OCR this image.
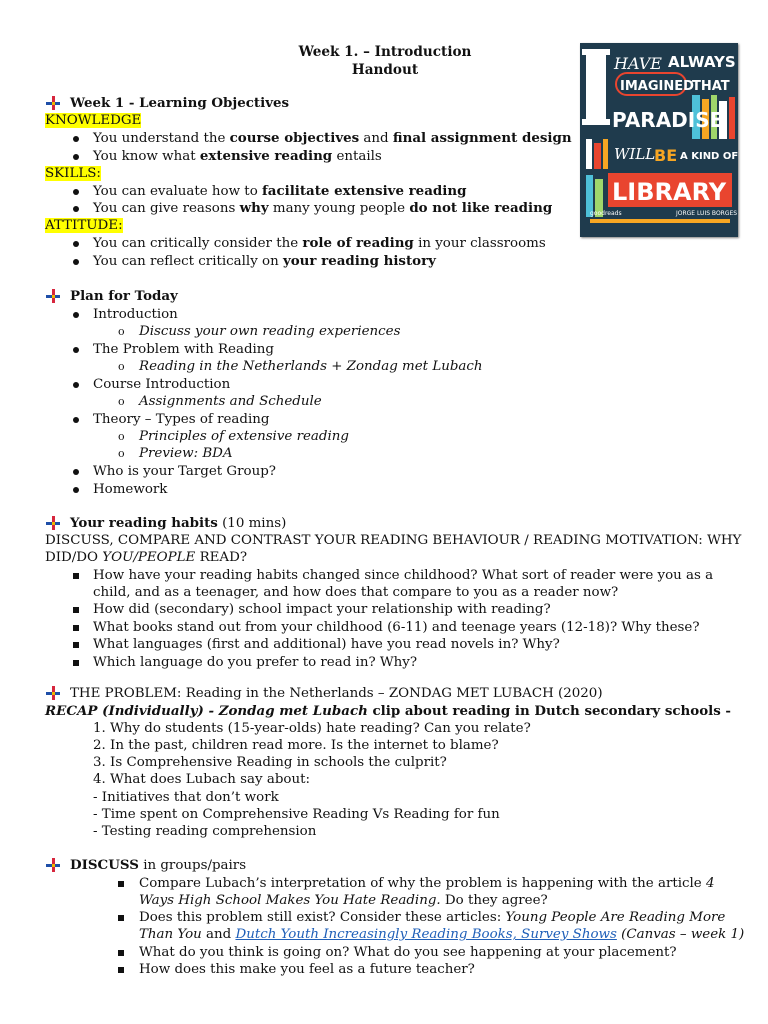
Week 1. – Introduction
Handout	HAVE ALWAYS
IMAGINED
THAT
PARADISE
WILL
BE A KIND OF
LIBRARY
goodreads	JORGE LUIS BORGES
Week 1 - Learning Objectives
KNOWLEDGE
You understand the course objectives and final assignment design
You know what extensive reading entails
SKILLS:
You can evaluate how to facilitate extensive reading
You can give reasons why many young people do not like reading
ATTITUDE:
You can critically consider the role of reading in your classrooms
You can reflect critically on your reading history
Plan for Today
Introduction
o Discuss your own reading experiences
The Problem with Reading
o Reading in the Netherlands + Zondag met Lubach
Course Introduction
o Assignments and Schedule
Theory – Types of reading
o Principles of extensive reading
o Preview: BDA
Who is your Target Group?
Homework
Your reading habits (10 mins)
DISCUSS, COMPARE AND CONTRAST YOUR READING BEHAVIOUR / READING MOTIVATION: WHY
DID/DO YOU/PEOPLE READ?
How have your reading habits changed since childhood? What sort of reader were you as a
child, and as a teenager, and how does that compare to you as a reader now?
How did (secondary) school impact your relationship with reading?
What books stand out from your childhood (6-11) and teenage years (12-18)? Why these?
What languages (first and additional) have you read novels in? Why?
Which language do you prefer to read in? Why?
THE PROBLEM: Reading in the Netherlands – ZONDAG MET LUBACH (2020)
RECAP (Individually) - Zondag met Lubach clip about reading in Dutch secondary schools -
1. Why do students (15-year-olds) hate reading? Can you relate?
2. In the past, children read more. Is the internet to blame?
3. Is Comprehensive Reading in schools the culprit?
4. What does Lubach say about:
- Initiatives that don’t work
- Time spent on Comprehensive Reading Vs Reading for fun
- Testing reading comprehension
DISCUSS in groups/pairs
Compare Lubach’s interpretation of why the problem is happening with the article 4
Ways High School Makes You Hate Reading. Do they agree?
Does this problem still exist? Consider these articles: Young People Are Reading More
Than You and Dutch Youth Increasingly Reading Books, Survey Shows (Canvas – week 1)
What do you think is going on? What do you see happening at your placement?
How does this make you feel as a future teacher?
